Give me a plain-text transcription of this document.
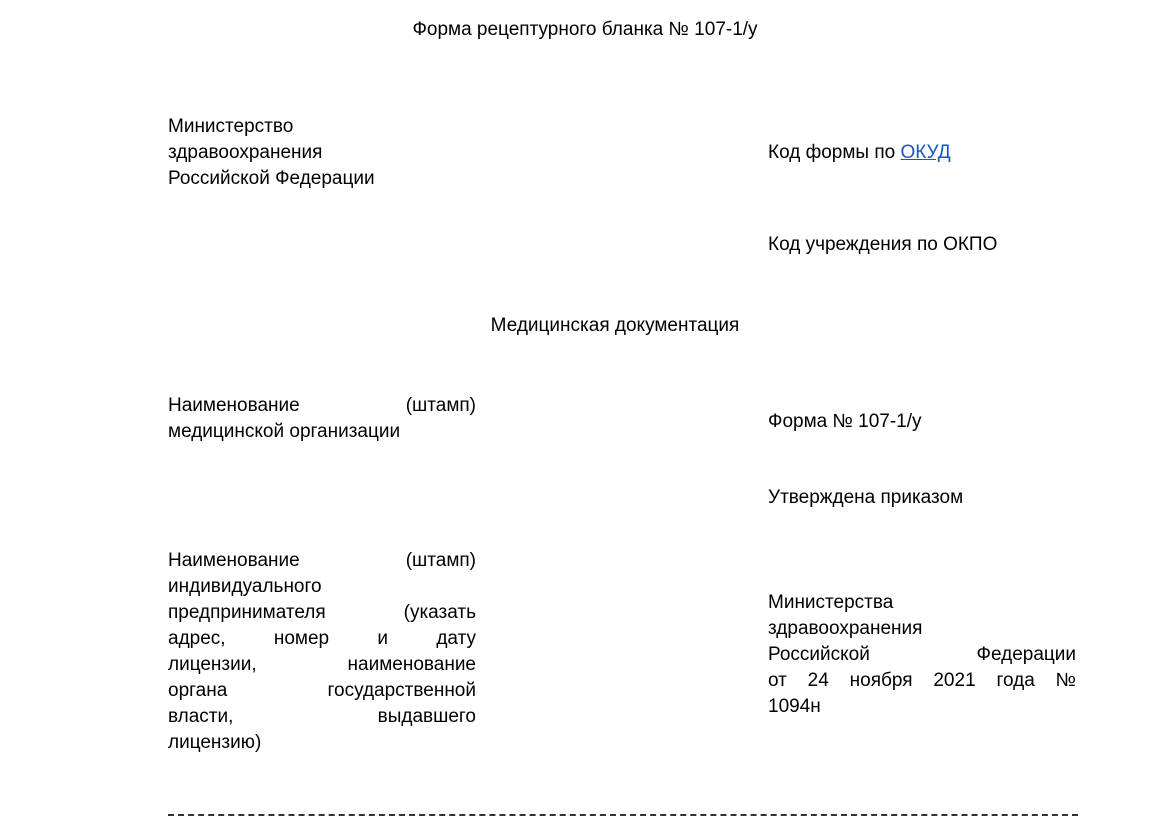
Форма рецептурного бланка № 107-1/у
Министерство
здравоохранения
Российской Федерации
Код формы по ОКУД
Код учреждения по ОКПО
Медицинская документация
Наименование (штамп)
медицинской организации	Форма № 107-1/у
Утверждена приказом
Наименование (штамп)
индивидуального
предпринимателя (указать
адрес, номер и дату
лицензии, наименование
органа государственной
власти, выдавшего
лицензию)
Министерства
здравоохранения
Российской Федерации
от 24 ноября 2021 года №
1094н
